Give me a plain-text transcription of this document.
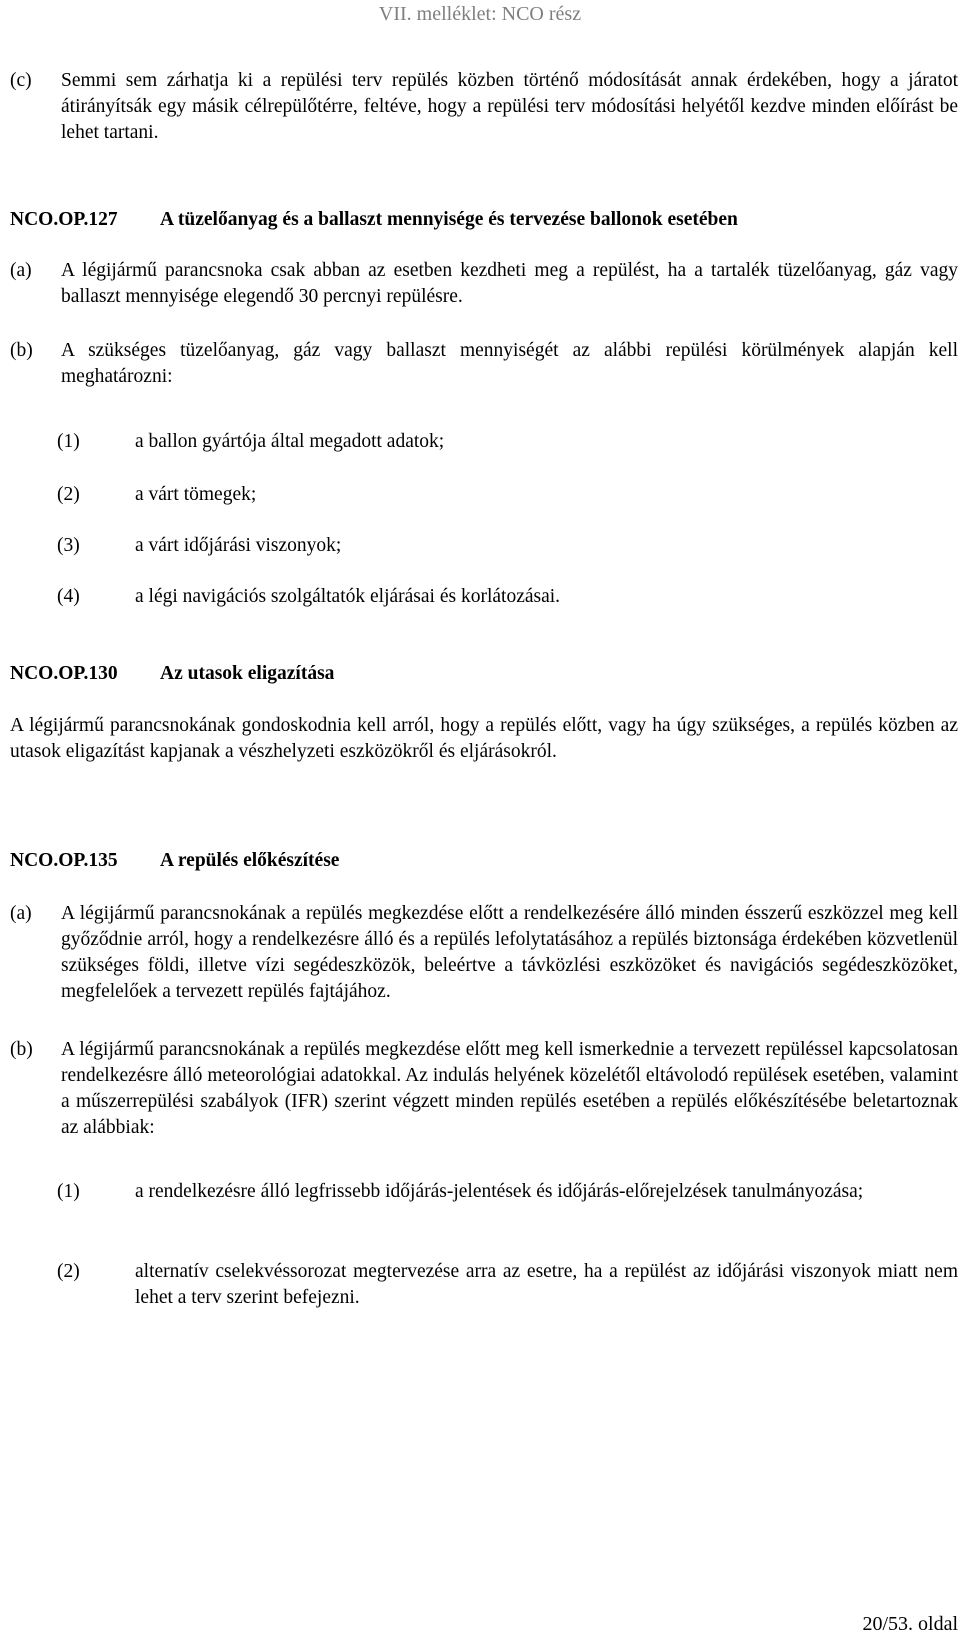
VII. melléklet: NCO rész
(c) Semmi sem zárhatja ki a repülési terv repülés közben történő módosítását annak érdekében, hogy a járatot átirányítsák egy másik célrepülőtérre, feltéve, hogy a repülési terv módosítási helyétől kezdve minden előírást be lehet tartani.
NCO.OP.127 A tüzelőanyag és a ballaszt mennyisége és tervezése ballonok esetében
(a) A légijármű parancsnoka csak abban az esetben kezdheti meg a repülést, ha a tartalék tüzelőanyag, gáz vagy ballaszt mennyisége elegendő 30 percnyi repülésre.
(b) A szükséges tüzelőanyag, gáz vagy ballaszt mennyiségét az alábbi repülési körülmények alapján kell meghatározni:
(1)	a ballon gyártója által megadott adatok;
(2)	a várt tömegek;
(3)	a várt időjárási viszonyok;
(4)	a légi navigációs szolgáltatók eljárásai és korlátozásai.
NCO.OP.130 Az utasok eligazítása
A légijármű parancsnokának gondoskodnia kell arról, hogy a repülés előtt, vagy ha úgy szükséges, a repülés közben az utasok eligazítást kapjanak a vészhelyzeti eszközökről és eljárásokról.
NCO.OP.135 A repülés előkészítése
(a) A légijármű parancsnokának a repülés megkezdése előtt a rendelkezésére álló minden ésszerű eszközzel meg kell győződnie arról, hogy a rendelkezésre álló és a repülés lefolytatásához a repülés biztonsága érdekében közvetlenül szükséges földi, illetve vízi segédeszközök, beleértve a távközlési eszközöket és navigációs segédeszközöket, megfelelőek a tervezett repülés fajtájához.
(b) A légijármű parancsnokának a repülés megkezdése előtt meg kell ismerkednie a tervezett repüléssel kapcsolatosan rendelkezésre álló meteorológiai adatokkal. Az indulás helyének közelétől eltávolodó repülések esetében, valamint a műszerrepülési szabályok (IFR) szerint végzett minden repülés esetében a repülés előkészítésébe beletartoznak az alábbiak:
(1)	a rendelkezésre álló legfrissebb időjárás-jelentések és időjárás-előrejelzések tanulmányozása;
(2)	alternatív cselekvéssorozat megtervezése arra az esetre, ha a repülést az időjárási viszonyok miatt nem lehet a terv szerint befejezni.
20/53. oldal
